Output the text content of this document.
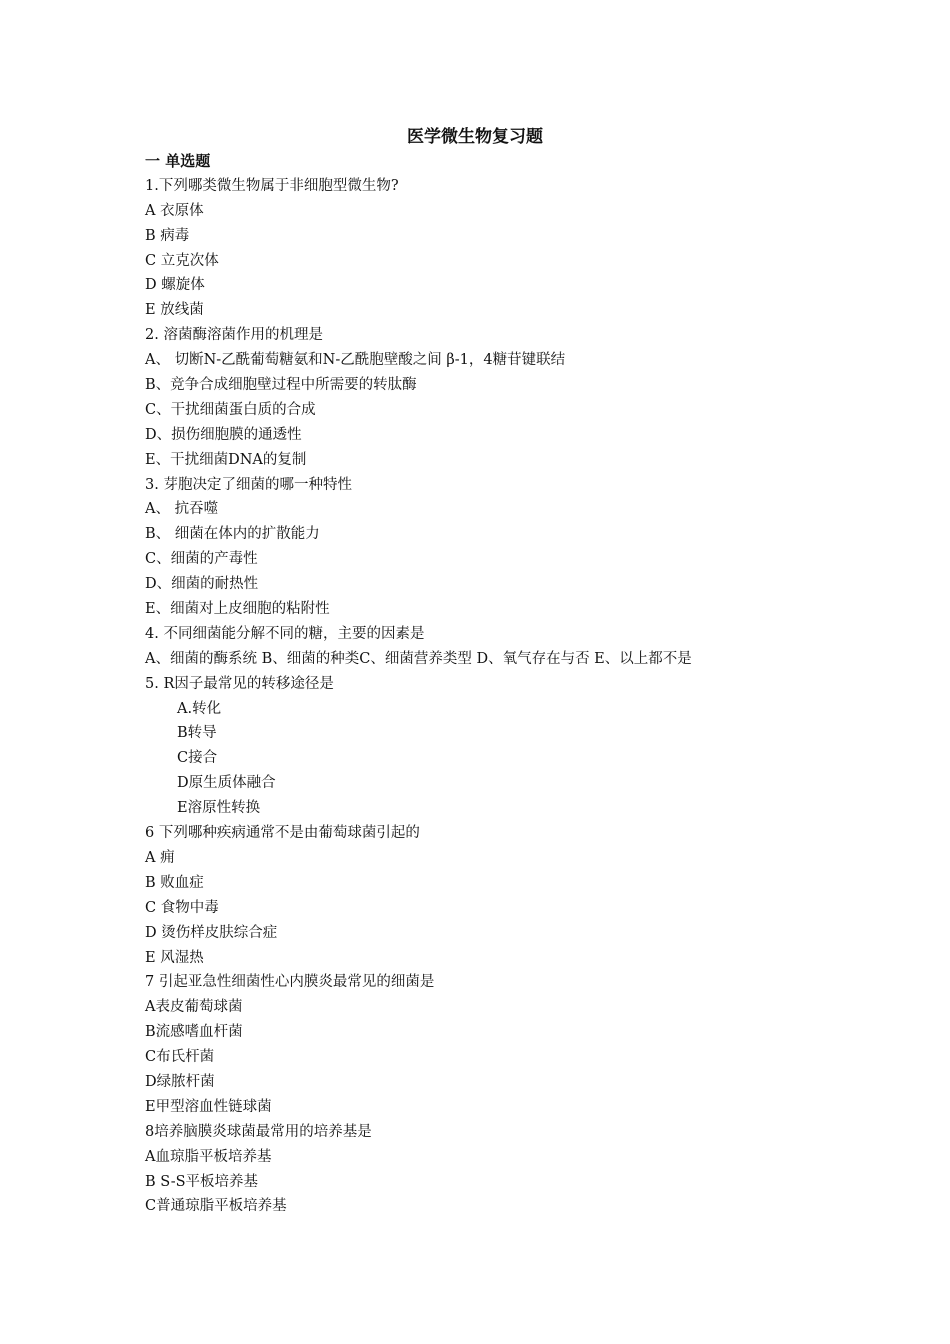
医学微生物复习题
一 单选题
1.下列哪类微生物属于非细胞型微生物?
A 衣原体
B 病毒
C 立克次体
D 螺旋体
E 放线菌
2. 溶菌酶溶菌作用的机理是
A、 切断N-乙酰葡萄糖氨和N-乙酰胞壁酸之间 β-1，4糖苷键联结
B、竞争合成细胞壁过程中所需要的转肽酶
C、干扰细菌蛋白质的合成
D、损伤细胞膜的通透性
E、干扰细菌DNA的复制
3. 芽胞决定了细菌的哪一种特性
A、 抗吞噬
B、 细菌在体内的扩散能力
C、细菌的产毒性
D、细菌的耐热性
E、细菌对上皮细胞的粘附性
4. 不同细菌能分解不同的糖，主要的因素是
A、细菌的酶系统 B、细菌的种类C、细菌营养类型 D、氧气存在与否 E、以上都不是
5. R因子最常见的转移途径是
A.转化
B转导
C接合
D原生质体融合
E溶原性转换
6 下列哪种疾病通常不是由葡萄球菌引起的
A 痈
B 败血症
C 食物中毒
D 烫伤样皮肤综合症
E 风湿热
7 引起亚急性细菌性心内膜炎最常见的细菌是
A表皮葡萄球菌
B流感嗜血杆菌
C布氏杆菌
D绿脓杆菌
E甲型溶血性链球菌
8培养脑膜炎球菌最常用的培养基是
A血琼脂平板培养基
B S-S平板培养基
C普通琼脂平板培养基
